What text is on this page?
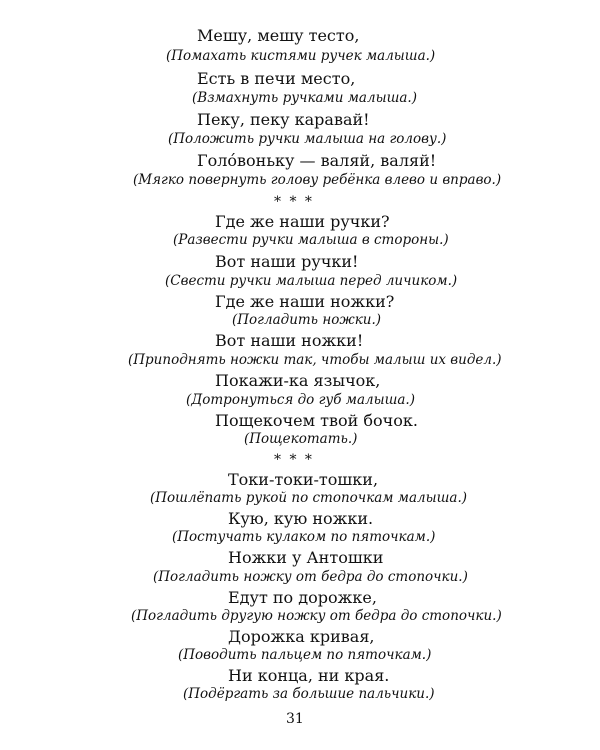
Мешу, мешу тесто,
(Помахать кистями ручек малыша.)
Есть в печи место,
(Взмахнуть ручками малыша.)
Пеку, пеку каравай!
(Положить ручки малыша на голову.)
Голо́воньку — валяй, валяй!
(Мягко повернуть голову ребёнка влево и вправо.)
* * *
Где же наши ручки?
(Развести ручки малыша в стороны.)
Вот наши ручки!
(Свести ручки малыша перед личиком.)
Где же наши ножки?
(Погладить ножки.)
Вот наши ножки!
(Приподнять ножки так, чтобы малыш их видел.)
Покажи-ка язычок,
(Дотронуться до губ малыша.)
Пощекочем твой бочок.
(Пощекотать.)
* * *
Токи-токи-тошки,
(Пошлёпать рукой по стопочкам малыша.)
Кую, кую ножки.
(Постучать кулаком по пяточкам.)
Ножки у Антошки
(Погладить ножку от бедра до стопочки.)
Едут по дорожке,
(Погладить другую ножку от бедра до стопочки.)
Дорожка кривая,
(Поводить пальцем по пяточкам.)
Ни конца, ни края.
(Подёргать за большие пальчики.)
31
